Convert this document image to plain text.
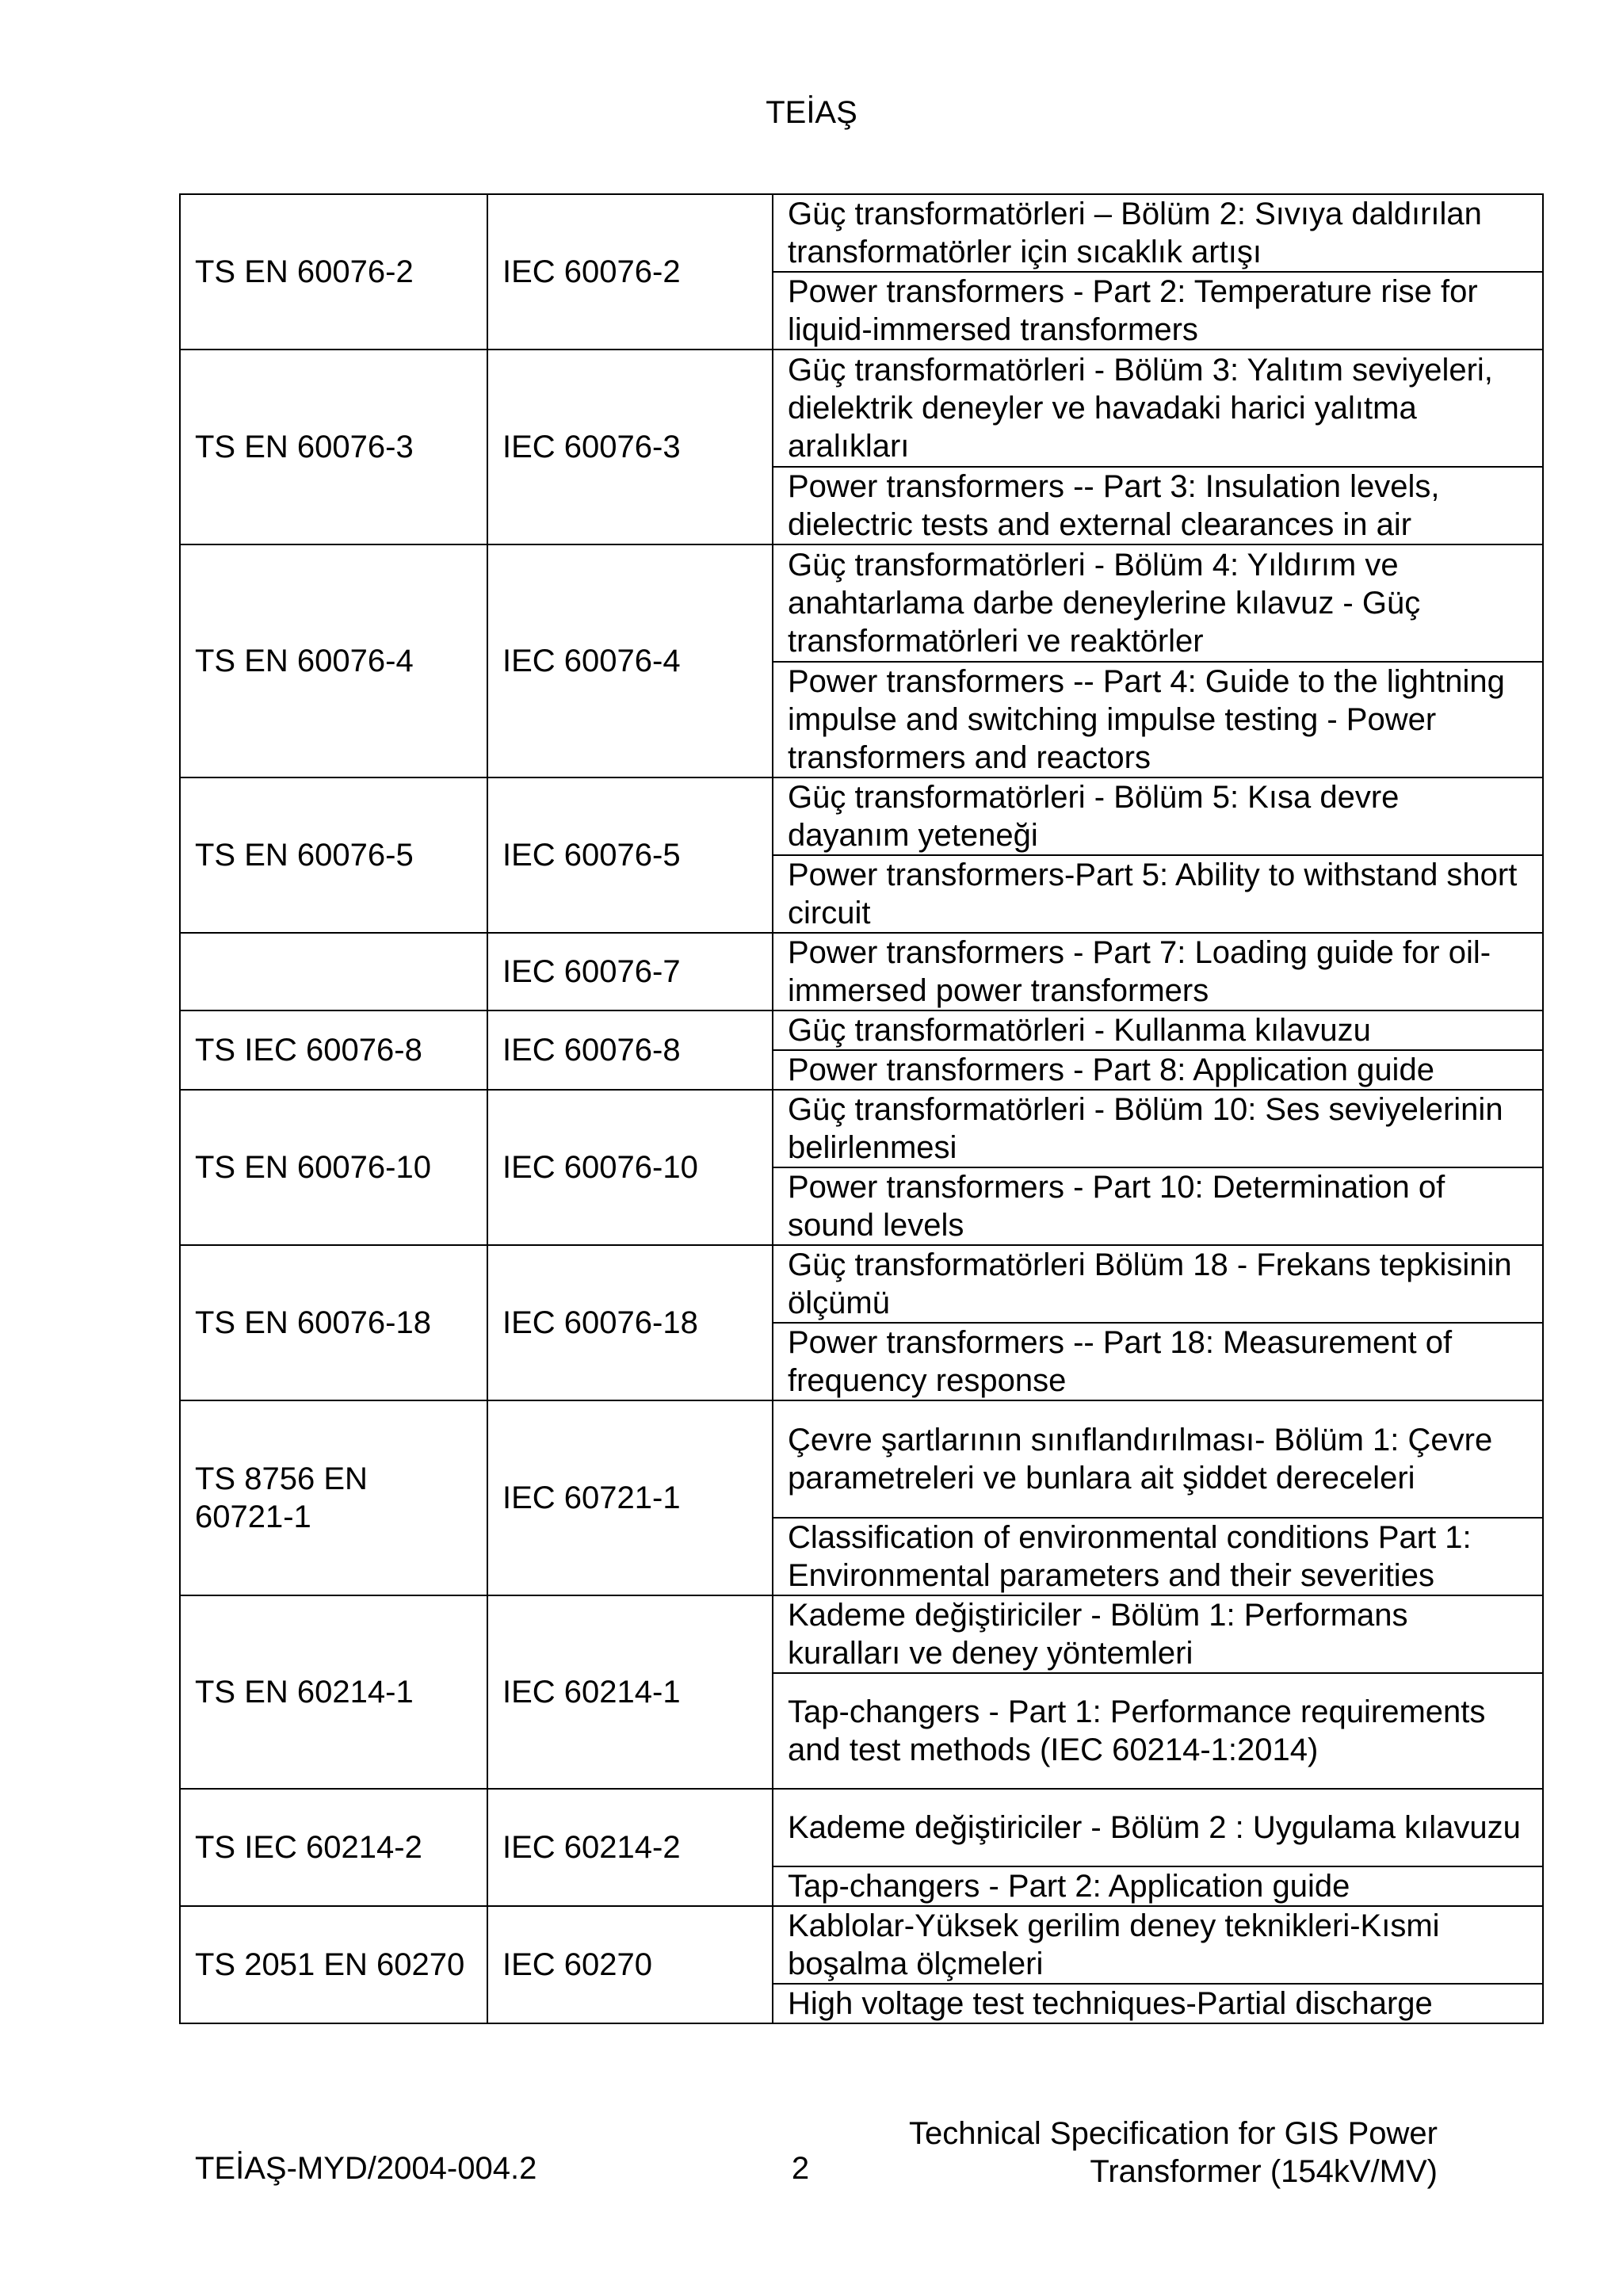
TEİAŞ
TS EN 60076-2	IEC 60076-2	Güç transformatörleri – Bölüm 2: Sıvıya daldırılan transformatörler için sıcaklık artışı
		Power transformers - Part 2: Temperature rise for liquid-immersed transformers
TS EN 60076-3	IEC 60076-3	Güç transformatörleri - Bölüm 3: Yalıtım seviyeleri, dielektrik deneyler ve havadaki harici yalıtma aralıkları
		Power transformers -- Part 3: Insulation levels, dielectric tests and external clearances in air
TS EN 60076-4	IEC 60076-4	Güç transformatörleri - Bölüm 4: Yıldırım ve anahtarlama darbe deneylerine kılavuz - Güç transformatörleri ve reaktörler
		Power transformers -- Part 4: Guide to the lightning impulse and switching impulse testing - Power transformers and reactors
TS EN 60076-5	IEC 60076-5	Güç transformatörleri - Bölüm 5: Kısa devre dayanım yeteneği
		Power transformers-Part 5: Ability to withstand short circuit
	IEC 60076-7	Power transformers - Part 7: Loading guide for oil-immersed power transformers
TS IEC 60076-8	IEC 60076-8	Güç transformatörleri - Kullanma kılavuzu
		Power transformers - Part 8: Application guide
TS EN 60076-10	IEC 60076-10	Güç transformatörleri - Bölüm 10: Ses seviyelerinin belirlenmesi
		Power transformers - Part 10: Determination of sound levels
TS EN 60076-18	IEC 60076-18	Güç transformatörleri Bölüm 18 - Frekans tepkisinin ölçümü
		Power transformers -- Part 18: Measurement of frequency response
TS 8756 EN 60721-1	IEC 60721-1	Çevre şartlarının sınıflandırılması- Bölüm 1: Çevre parametreleri ve bunlara ait şiddet dereceleri
		Classification of environmental conditions Part 1: Environmental parameters and their severities
TS EN 60214-1	IEC 60214-1	Kademe değiştiriciler - Bölüm 1: Performans kuralları ve deney yöntemleri
		Tap-changers - Part 1: Performance requirements and test methods (IEC 60214-1:2014)
TS IEC 60214-2	IEC 60214-2	Kademe değiştiriciler - Bölüm 2 : Uygulama kılavuzu
		Tap-changers - Part 2: Application guide
TS 2051 EN 60270	IEC 60270	Kablolar-Yüksek gerilim deney teknikleri-Kısmi boşalma ölçmeleri
		High voltage test techniques-Partial discharge
TEİAŞ-MYD/2004-004.2	2
Technical Specification for GIS Power Transformer (154kV/MV)
